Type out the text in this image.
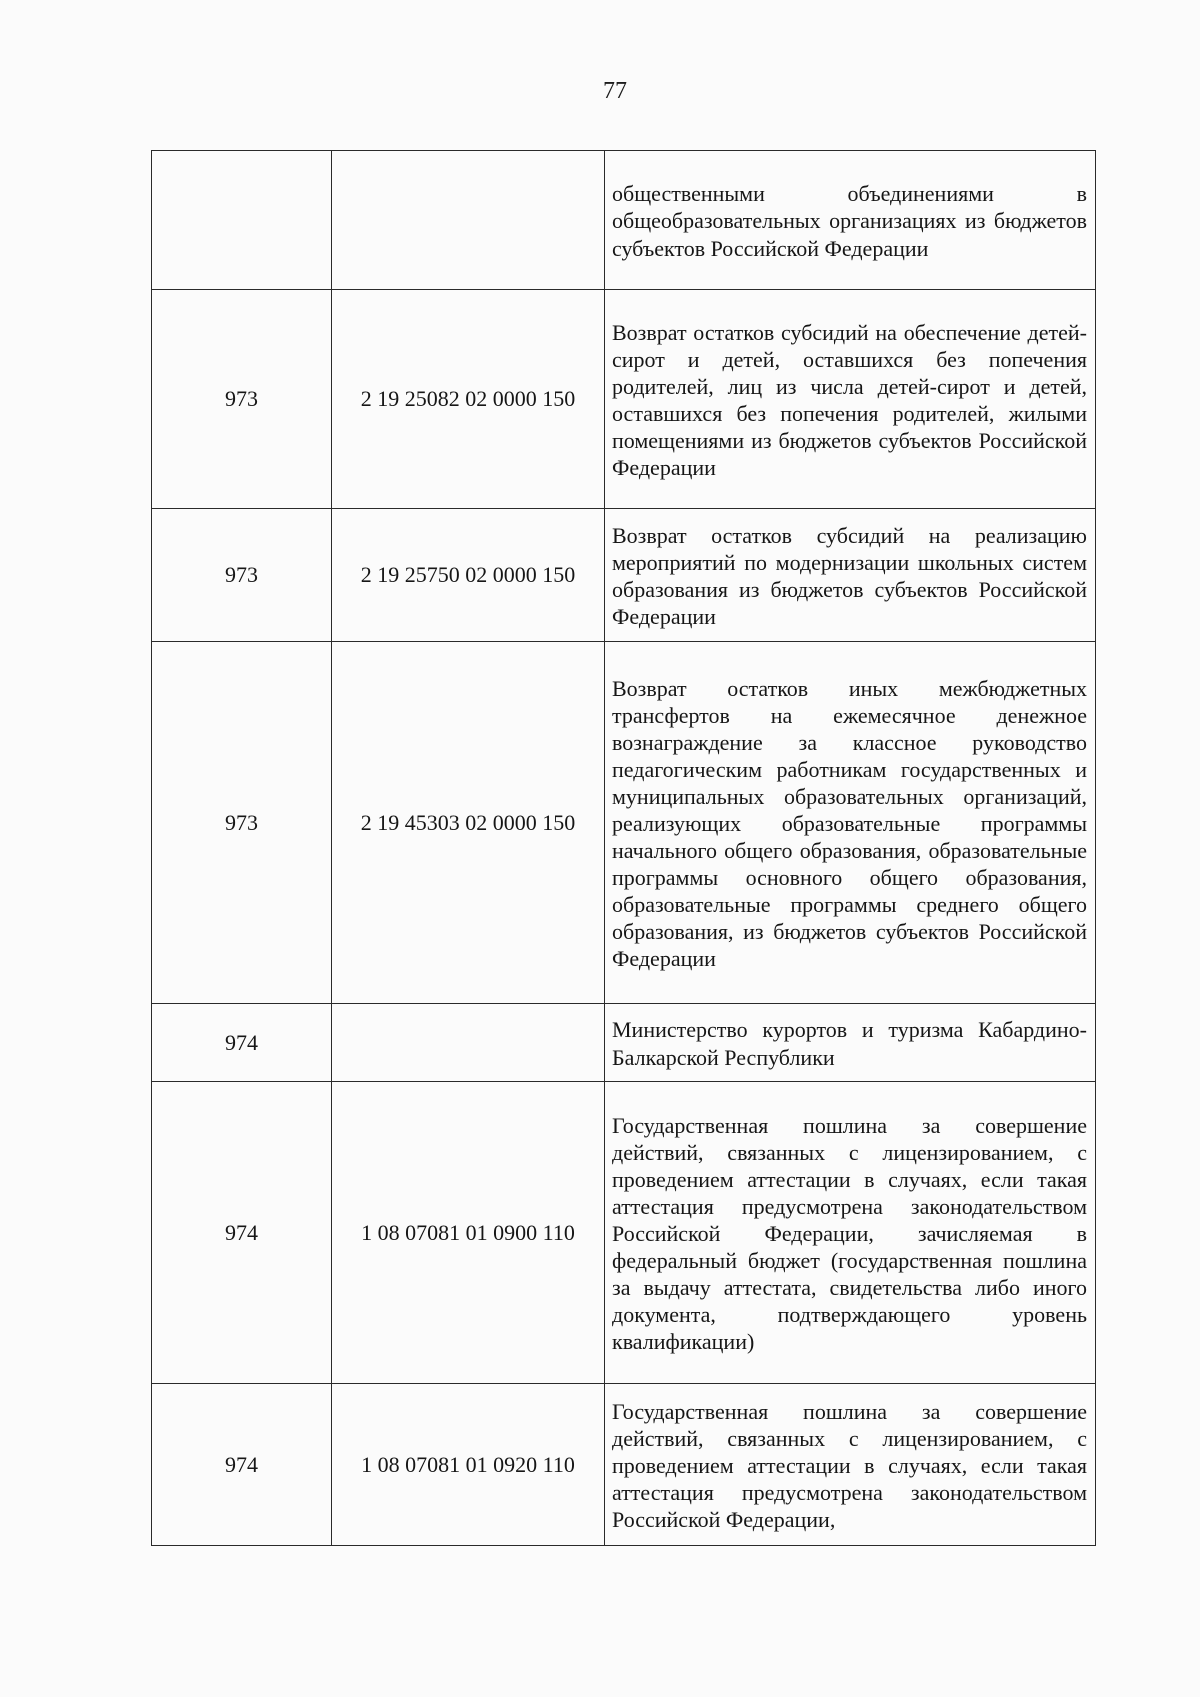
77

		общественными объединениями в общеобразовательных организациях из бюджетов субъектов Российской Федерации

973	2 19 25082 02 0000 150	Возврат остатков субсидий на обеспечение детей-сирот и детей, оставшихся без попечения родителей, лиц из числа детей-сирот и детей, оставшихся без попечения родителей, жилыми помещениями из бюджетов субъектов Российской Федерации

973	2 19 25750 02 0000 150	Возврат остатков субсидий на реализацию мероприятий по модернизации школьных систем образования из бюджетов субъектов Российской Федерации

973	2 19 45303 02 0000 150	Возврат остатков иных межбюджетных трансфертов на ежемесячное денежное вознаграждение за классное руководство педагогическим работникам государственных и муниципальных образовательных организаций, реализующих образовательные программы начального общего образования, образовательные программы основного общего образования, образовательные программы среднего общего образования, из бюджетов субъектов Российской Федерации

974		Министерство курортов и туризма Кабардино-Балкарской Республики

974	1 08 07081 01 0900 110	Государственная пошлина за совершение действий, связанных с лицензированием, с проведением аттестации в случаях, если такая аттестация предусмотрена законодательством Российской Федерации, зачисляемая в федеральный бюджет (государственная пошлина за выдачу аттестата, свидетельства либо иного документа, подтверждающего уровень квалификации)

974	1 08 07081 01 0920 110	Государственная пошлина за совершение действий, связанных с лицензированием, с проведением аттестации в случаях, если такая аттестация предусмотрена законодательством Российской Федерации,
